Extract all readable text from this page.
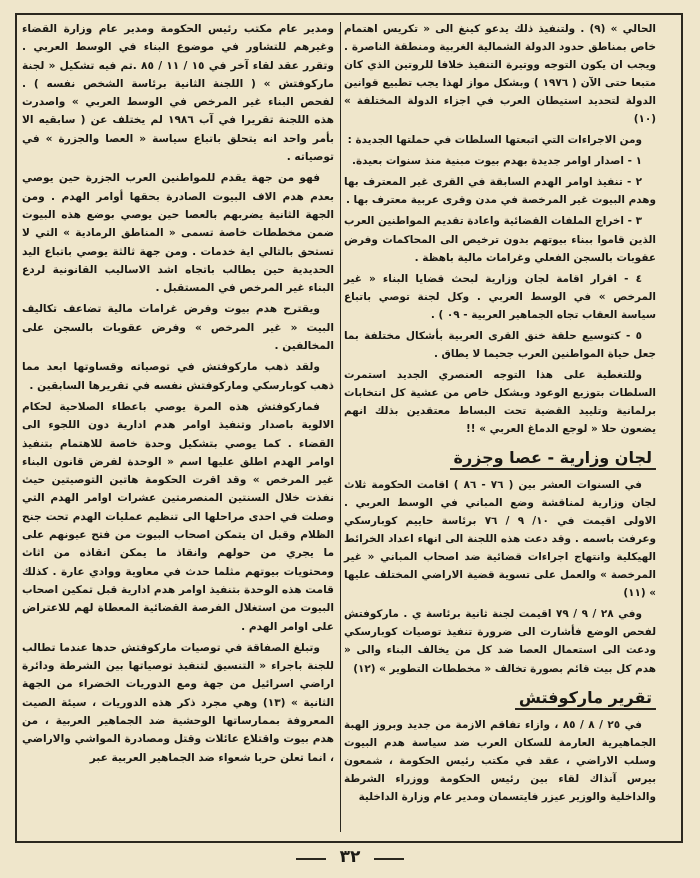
الحالي » (٩) . ولتنفيذ ذلك يدعو كينغ الى « تكريس اهتمام خاص بمناطق حدود الدولة الشمالية الغربية ومنطقة الناصرة . ويجب ان يكون التوجه ووتيرة التنفيذ خلافا للروتين الذي كان متبعا حتى الآن ( ١٩٧٦ ) وبشكل مواز لهذا يجب تطبيع قوانين الدولة لتحديد استيطان العرب في اجزاء الدولة المختلفة » (١٠)

ومن الاجراءات التي اتبعتها السلطات في حملتها الجديدة :

١ - اصدار اوامر جديدة بهدم بيوت مبنية منذ سنوات بعيدة.

٢ - تنفيذ اوامر الهدم السابقة في القرى غير المعترف بها وهدم البيوت غير المرخصة في مدن وقرى عربية معترف بها .

٣ - اخراج الملفات القضائية واعادة تقديم المواطنين العرب الذين قاموا ببناء بيوتهم بدون ترخيص الى المحاكمات وفرض عقوبات بالسجن الفعلي وغرامات مالية باهظة .

٤ - اقرار اقامة لجان وزارية لبحث قضايا البناء « غير المرخص » في الوسط العربي . وكل لجنة توصي باتباع سياسة العقاب تجاه الجماهير العربية - ٠٩ ) .

٥ - كتوسيع حلقة خنق القرى العربية بأشكال مختلفة بما جعل حياة المواطنين العرب جحيما لا يطاق .

وللتغطية على هذا التوجه العنصري الجديد استمرت السلطات بتوزيع الوعود وبشكل خاص من عشية كل انتخابات برلمانية وتلييد القضية تحت البساط معتقدين بذلك انهم يضعون حلا « لوجع الدماغ العربي » !!

لجان وزارية - عصا وجزرة

في السنوات العشر بين ( ٧٦ - ٨٦ ) اقامت الحكومة ثلاث لجان وزارية لمناقشة وضع المباني في الوسط العربي . الاولى اقيمت في ١٠/ ٩ / ٧٦ برئاسة حاييم كوبارسكي وعرفت باسمه . وقد دعت هذه اللجنة الى انهاء اعداد الخرائط الهيكلية وانتهاج اجراءات قضائية ضد اصحاب المباني « غير المرخصة » والعمل على تسوية قضية الاراضي المختلف عليها » (١١)

وفي ٢٨ / ٩ / ٧٩ اقيمت لجنة ثانية برئاسة ي . ماركوفتش لفحص الوضع فأشارت الى ضرورة تنفيذ توصيات كوبارسكي ودعت الى استعمال العصا ضد كل من يخالف البناء والى « هدم كل بيت قائم بصورة تخالف « مخططات التطوير » (١٢)

تقرير ماركوفتش

في ٢٥ / ٨ / ٨٥ ، وازاء تفاقم الازمة من جديد وبروز الهبة الجماهيرية العارمة للسكان العرب ضد سياسة هدم البيوت وسلب الاراضي ، عقد في مكتب رئيس الحكومة ، شمعون بيرس آنذاك لقاء بين رئيس الحكومة ووزراء الشرطة والداخلية والوزير عيزر فايتسمان ومدير عام وزارة الداخلية

ومدير عام مكتب رئيس الحكومة ومدير عام وزارة القضاء وغيرهم للتشاور في موضوع البناء في الوسط العربي . وتقرر عقد لقاء آخر في ١٥ / ١١ / ٨٥ .تم فيه تشكيل « لجنة ماركوفتش » ( اللجنة الثانية برئاسة الشخص نفسه ) . لفحص البناء غير المرخص في الوسط العربي » واصدرت هذه اللجنة تقريرا في آب ١٩٨٦ لم يختلف عن ( سابقيه الا بأمر واحد انه يتحلق باتباع سياسة « العصا والجزرة » في توصياته .

فهو من جهة يقدم للمواطنين العرب الجزرة حين يوصي بعدم هدم الاف البيوت الصادرة بحقها أوامر الهدم . ومن الجهة الثانية يضربهم بالعصا حين يوصي بوضع هذه البيوت ضمن مخططات خاصة تسمى « المناطق الرمادية » التي لا تستحق بالتالي اية خدمات . ومن جهة ثالثة يوصي باتباع اليد الحديدية حين يطالب باتجاه اشد الاساليب القانونية لردع البناء غير المرخص في المستقبل .

ويقترح هدم بيوت وفرض غرامات مالية تضاعف تكاليف البيت « غير المرخص » وفرض عقوبات بالسجن على المخالفين .

ولقد ذهب ماركوفتش في توصياته وقساوتها ابعد مما ذهب كوبارسكي وماركوفتش نفسه في تقريرها السابقين .

فماركوفتش هذه المرة يوصي باعطاء الصلاحية لحكام الالوية باصدار وتنفيذ اوامر هدم ادارية دون اللجوء الى القضاء . كما يوصي بتشكيل وحدة خاصة للاهتمام بتنفيذ اوامر الهدم اطلق عليها اسم « الوحدة لفرض قانون البناء غير المرخص » وقد اقرت الحكومة هاتين التوصيتين حيث نفذت خلال السنتين المنصرمتين عشرات اوامر الهدم التي وصلت في احدى مراحلها الى تنظيم عمليات الهدم تحت جنح الظلام وقبل ان يتمكن اصحاب البيوت من فتح عيونهم على ما يجري من حولهم وانقاذ ما يمكن انقاذه من اثاث ومحتويات بيوتهم مثلما حدث في معاوية ووادي عارة . كذلك قامت هذه الوحدة بتنفيذ اوامر هدم ادارية قبل تمكين اصحاب البيوت من استغلال الفرصة القضائية المعطاة لهم للاعتراض على اوامر الهدم .

وتبلغ الصفاقة في توصيات ماركوفتش حدها عندما تطالب للجنة باجراء « التنسيق لتنفيذ توصياتها بين الشرطة ودائرة اراضي اسرائيل من جهة ومع الدوريات الخضراء من الجهة الثانية » (١٣) وهي مجرد ذكر هذه الدوريات ، سيئة الصيت المعروفة بممارساتها الوحشية ضد الجماهير العربية ، من هدم بيوت واقتلاع عائلات وقتل ومصادرة المواشي والاراضي ، انما تعلن حربا شعواء ضد الجماهير العربية عبر

٣٢
